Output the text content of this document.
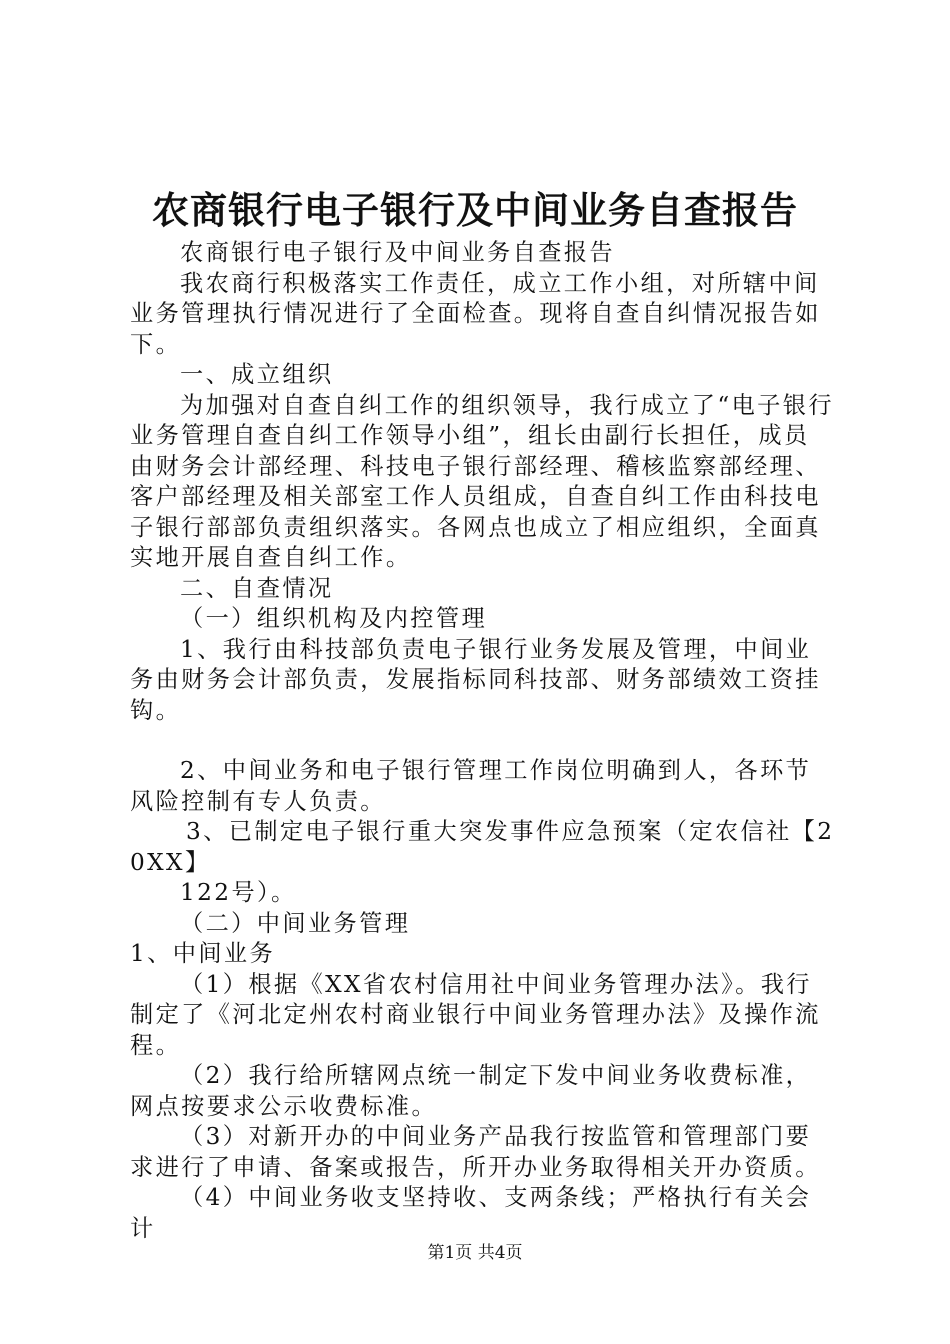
农商银行电子银行及中间业务自查报告

农商银行电子银行及中间业务自查报告

我农商行积极落实工作责任，成立工作小组，对所辖中间业务管理执行情况进行了全面检查。现将自查自纠情况报告如下。

一、成立组织

为加强对自查自纠工作的组织领导，我行成立了“电子银行业务管理自查自纠工作领导小组”，组长由副行长担任，成员由财务会计部经理、科技电子银行部经理、稽核监察部经理、客户部经理及相关部室工作人员组成，自查自纠工作由科技电子银行部部负责组织落实。各网点也成立了相应组织，全面真实地开展自查自纠工作。

二、自查情况

（一）组织机构及内控管理

1、我行由科技部负责电子银行业务发展及管理，中间业务由财务会计部负责，发展指标同科技部、财务部绩效工资挂钩。

2、中间业务和电子银行管理工作岗位明确到人，各环节风险控制有专人负责。

3、已制定电子银行重大突发事件应急预案（定农信社【20XX】

122号）。

（二）中间业务管理

1、中间业务

（1）根据《XX省农村信用社中间业务管理办法》。我行制定了《河北定州农村商业银行中间业务管理办法》及操作流程。

（2）我行给所辖网点统一制定下发中间业务收费标准，网点按要求公示收费标准。

（3）对新开办的中间业务产品我行按监管和管理部门要求进行了申请、备案或报告，所开办业务取得相关开办资质。

（4）中间业务收支坚持收、支两条线；严格执行有关会计

第1页 共4页
